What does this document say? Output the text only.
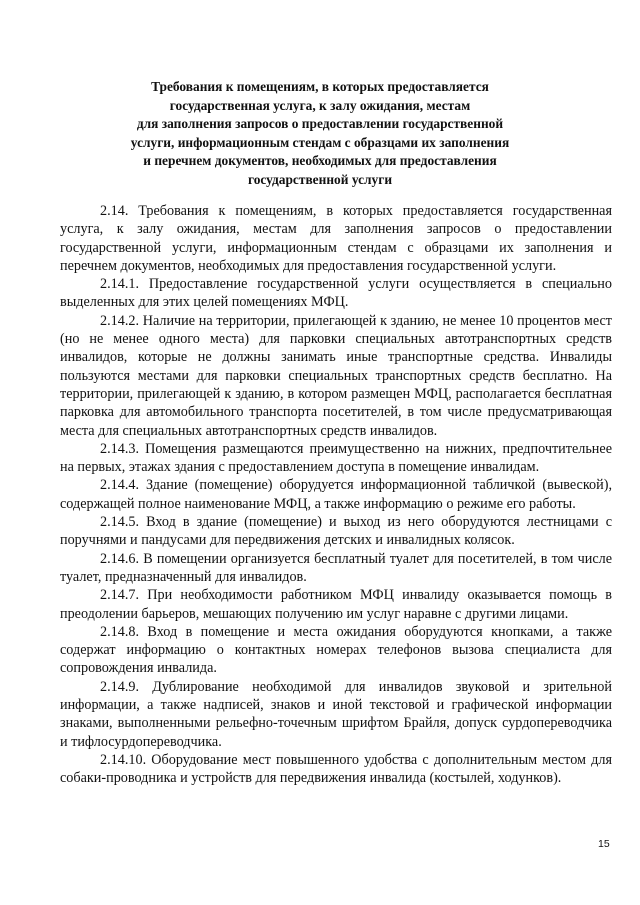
Требования к помещениям, в которых предоставляется
государственная услуга, к залу ожидания, местам
для заполнения запросов о предоставлении государственной
услуги, информационным стендам с образцами их заполнения
и перечнем документов, необходимых для предоставления
государственной услуги

2.14. Требования к помещениям, в которых предоставляется государственная услуга, к залу ожидания, местам для заполнения запросов о предоставлении государственной услуги, информационным стендам с образцами их заполнения и перечнем документов, необходимых для предоставления государственной услуги.

2.14.1. Предоставление государственной услуги осуществляется в специально выделенных для этих целей помещениях МФЦ.

2.14.2. Наличие на территории, прилегающей к зданию, не менее 10 процентов мест (но не менее одного места) для парковки специальных автотранспортных средств инвалидов, которые не должны занимать иные транспортные средства. Инвалиды пользуются местами для парковки специальных транспортных средств бесплатно. На территории, прилегающей к зданию, в котором размещен МФЦ, располагается бесплатная парковка для автомобильного транспорта посетителей, в том числе предусматривающая места для специальных автотранспортных средств инвалидов.

2.14.3. Помещения размещаются преимущественно на нижних, предпочтительнее на первых, этажах здания с предоставлением доступа в помещение инвалидам.

2.14.4. Здание (помещение) оборудуется информационной табличкой (вывеской), содержащей полное наименование МФЦ, а также информацию о режиме его работы.

2.14.5. Вход в здание (помещение) и выход из него оборудуются лестницами с поручнями и пандусами для передвижения детских и инвалидных колясок.

2.14.6. В помещении организуется бесплатный туалет для посетителей, в том числе туалет, предназначенный для инвалидов.

2.14.7. При необходимости работником МФЦ инвалиду оказывается помощь в преодолении барьеров, мешающих получению им услуг наравне с другими лицами.

2.14.8. Вход в помещение и места ожидания оборудуются кнопками, а также содержат информацию о контактных номерах телефонов вызова специалиста для сопровождения инвалида.

2.14.9. Дублирование необходимой для инвалидов звуковой и зрительной информации, а также надписей, знаков и иной текстовой и графической информации знаками, выполненными рельефно-точечным шрифтом Брайля, допуск сурдопереводчика и тифлосурдопереводчика.

2.14.10. Оборудование мест повышенного удобства с дополнительным местом для собаки-проводника и устройств для передвижения инвалида (костылей, ходунков).

15
